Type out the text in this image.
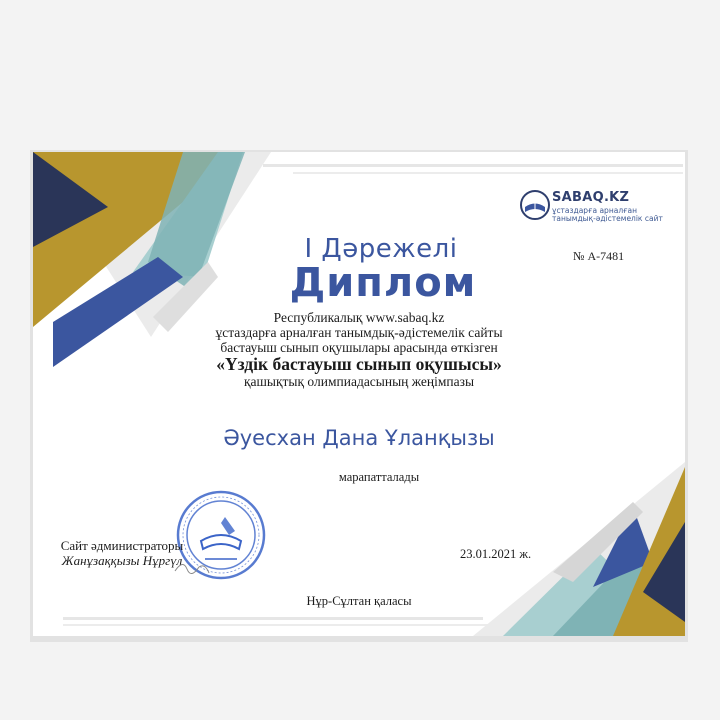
SABAQ.KZ
ұстаздарға арналған
танымдық-әдістемелік сайт
I Дәрежелі
Диплом
№ А-7481
Республикалық www.sabaq.kz
ұстаздарға арналған танымдық-әдістемелік сайты
бастауыш сынып оқушылары арасында өткізген
«Үздік бастауыш сынып оқушысы»
қашықтық олимпиадасының жеңімпазы
Әуесхан Дана Ұланқызы
марапатталады
Сайт әдминистраторы
Жанұзаққызы Нұргүл	23.01.2021 ж.
Нұр-Сұлтан қаласы
